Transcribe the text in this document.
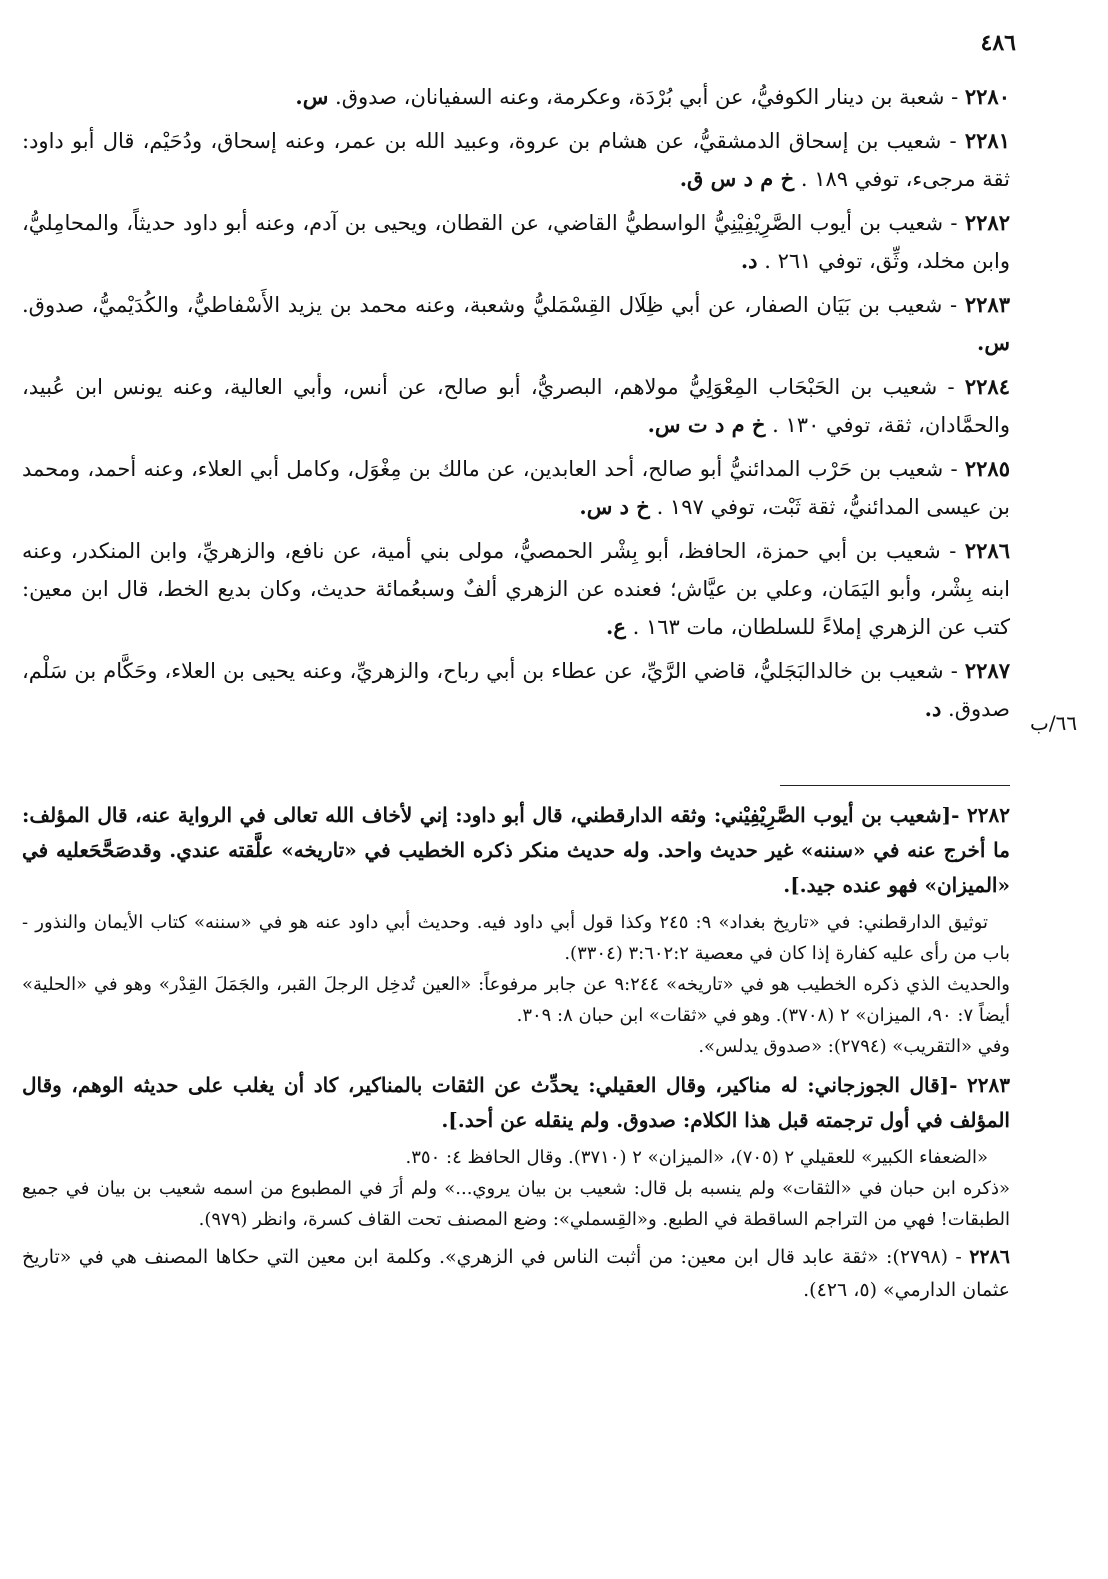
٤٨٦

٢٢٨٠ - شعبة بن دينار الكوفيُّ، عن أبي بُرْدَة، وعكرمة، وعنه السفيانان، صدوق. س.

٢٢٨١ - شعيب بن إسحاق الدمشقيُّ، عن هشام بن عروة، وعبيد الله بن عمر، وعنه إسحاق، ودُحَيْم، قال أبو داود: ثقة مرجىء، توفي ١٨٩ . خ م د س ق.

٢٢٨٢ - شعيب بن أيوب الصَّرِيْفِيْنِيُّ الواسطيُّ القاضي، عن القطان، ويحيى بن آدم، وعنه أبو داود حديثاً، والمحامِليُّ، وابن مخلد، وثِّق، توفي ٢٦١ . د.

٢٢٨٣ - شعيب بن بَيَان الصفار، عن أبي ظِلَال القِسْمَليُّ وشعبة، وعنه محمد بن يزيد الأَسْفاطيُّ، والكُدَيْميُّ، صدوق. س.

٢٢٨٤ - شعيب بن الحَبْحَاب المِعْوَلِيُّ مولاهم، البصريُّ، أبو صالح، عن أنس، وأبي العالية، وعنه يونس ابن عُبيد، والحمَّادان، ثقة، توفي ١٣٠ . خ م د ت س.

٢٢٨٥ - شعيب بن حَرْب المدائنيُّ أبو صالح، أحد العابدين، عن مالك بن مِغْوَل، وكامل أبي العلاء، وعنه أحمد، ومحمد بن عيسى المدائنيُّ، ثقة ثَبْت، توفي ١٩٧ . خ د س.

٢٢٨٦ - شعيب بن أبي حمزة، الحافظ، أبو بِشْر الحمصيُّ، مولى بني أمية، عن نافع، والزهريِّ، وابن المنكدر، وعنه ابنه بِشْر، وأبو اليَمَان، وعلي بن عيَّاش؛ فعنده عن الزهري ألفٌ وسبعُمائة حديث، وكان بديع الخط، قال ابن معين: كتب عن الزهري إملاءً للسلطان، مات ١٦٣ . ع.

٢٢٨٧ - شعيب بن خالدالبَجَليُّ، قاضي الرَّيِّ، عن عطاء بن أبي رباح، والزهريِّ، وعنه يحيى بن العلاء، وحَكَّام بن سَلْم، صدوق. د.

٦٦/ب
٢٢٨٢ -[شعيب بن أيوب الصَّرِيْفِيْني: وثقه الدارقطني، قال أبو داود: إني لأخاف الله تعالى في الرواية عنه، قال المؤلف: ما أخرج عنه في «سننه» غير حديث واحد. وله حديث منكر ذكره الخطيب في «تاريخه» علَّقته عندي. وقدصَحَّحَعليه في «الميزان» فهو عنده جيد.].

توثيق الدارقطني: في «تاريخ بغداد» ٩: ٢٤٥ وكذا قول أبي داود فيه. وحديث أبي داود عنه هو في «سننه» كتاب الأيمان والنذور - باب من رأى عليه كفارة إذا كان في معصية ٣:٦٠٢:٢ (٣٣٠٤).

والحديث الذي ذكره الخطيب هو في «تاريخه» ٩:٢٤٤ عن جابر مرفوعاً: «العين تُدخِل الرجلَ القبر، والجَمَلَ القِدْر» وهو في «الحلية» أيضاً ٧: ٩٠، الميزان» ٢ (٣٧٠٨). وهو في «ثقات» ابن حبان ٨: ٣٠٩.

وفي «التقريب» (٢٧٩٤): «صدوق يدلس».

٢٢٨٣ -[قال الجوزجاني: له مناكير، وقال العقيلي: يحدِّث عن الثقات بالمناكير، كاد أن يغلب على حديثه الوهم، وقال المؤلف في أول ترجمته قبل هذا الكلام: صدوق. ولم ينقله عن أحد.].

«الضعفاء الكبير» للعقيلي ٢ (٧٠٥)، «الميزان» ٢ (٣٧١٠). وقال الحافظ ٤: ٣٥٠.

«ذكره ابن حبان في «الثقات» ولم ينسبه بل قال: شعيب بن بيان يروي...» ولم أرَ في المطبوع من اسمه شعيب بن بيان في جميع الطبقات! فهي من التراجم الساقطة في الطبع. و«القِسملي»: وضع المصنف تحت القاف كسرة، وانظر (٩٧٩).

٢٢٨٦ - (٢٧٩٨): «ثقة عابد قال ابن معين: من أثبت الناس في الزهري». وكلمة ابن معين التي حكاها المصنف هي في «تاريخ عثمان الدارمي» (٥، ٤٢٦).
